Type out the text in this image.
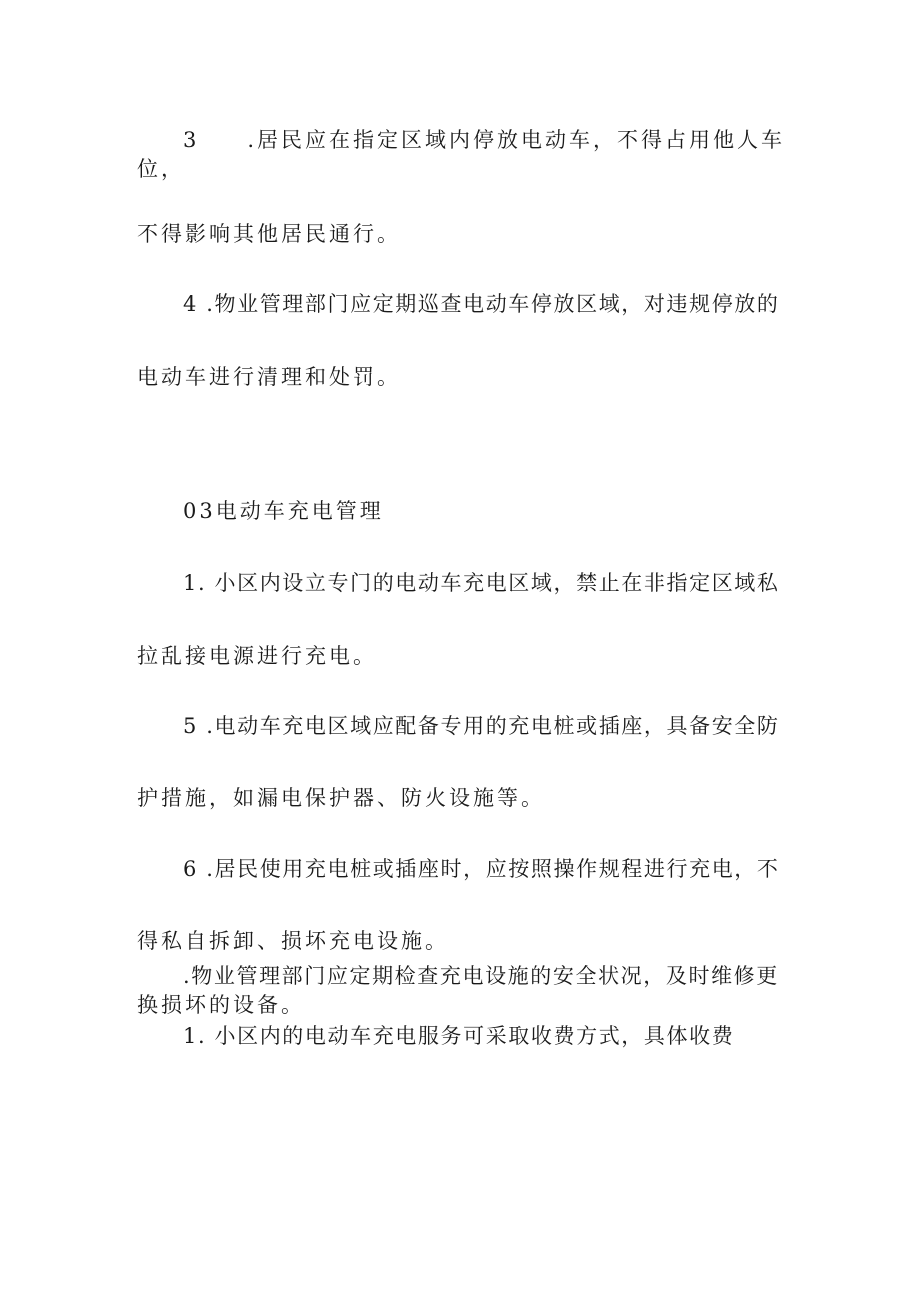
3 .居民应在指定区域内停放电动车，不得占用他人车

位，

不得影响其他居民通行。

4 .物业管理部门应定期巡查电动车停放区域，对违规停放的

电动车进行清理和处罚。

03电动车充电管理

1. 小区内设立专门的电动车充电区域，禁止在非指定区域私

拉乱接电源进行充电。

5 .电动车充电区域应配备专用的充电桩或插座，具备安全防

护措施，如漏电保护器、防火设施等。

6 .居民使用充电桩或插座时，应按照操作规程进行充电，不

得私自拆卸、损坏充电设施。

.物业管理部门应定期检查充电设施的安全状况，及时维修更

换损坏的设备。

1. 小区内的电动车充电服务可采取收费方式，具体收费
